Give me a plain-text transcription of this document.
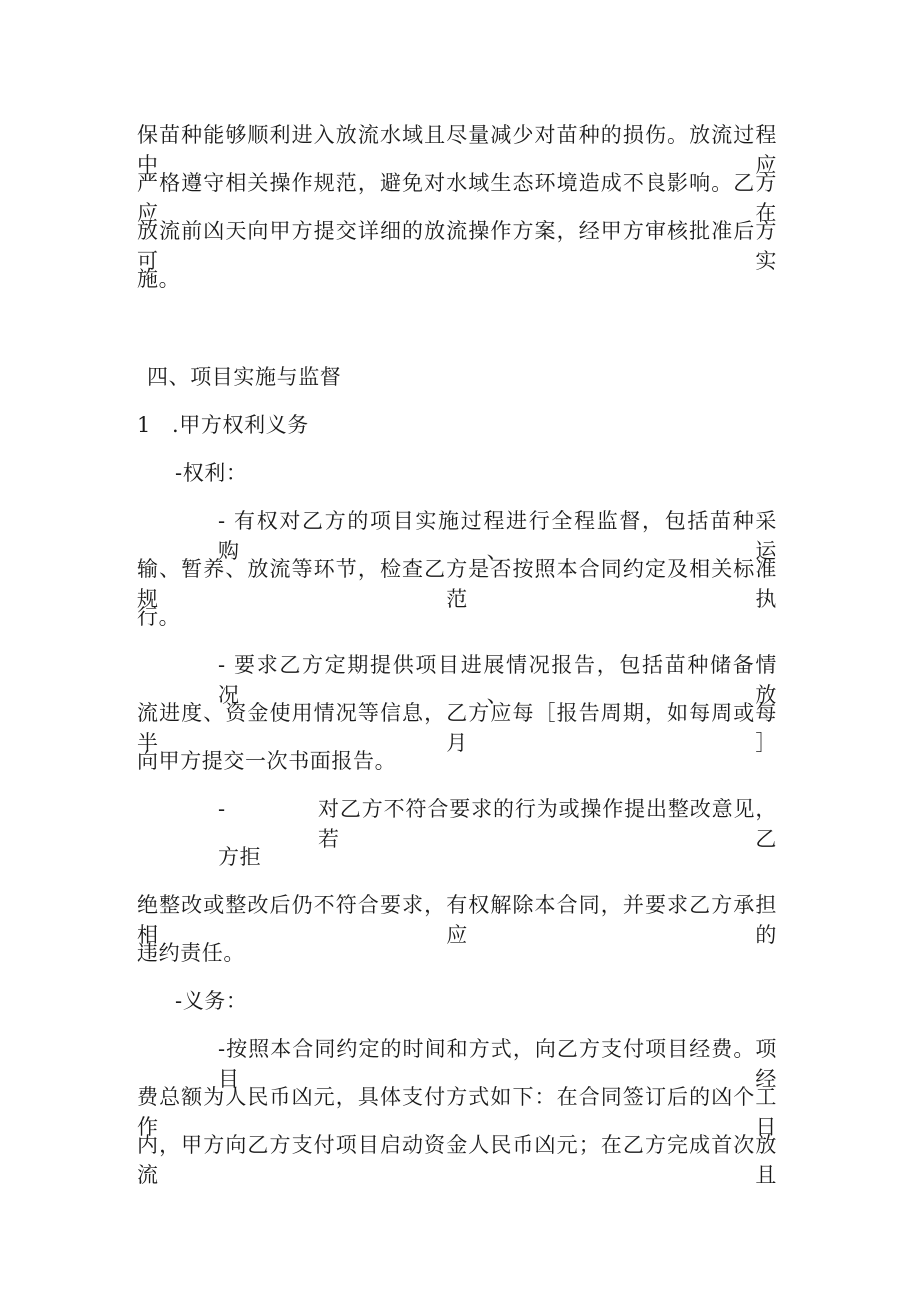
保苗种能够顺利进入放流水域且尽量减少对苗种的损伤。放流过程中应
严格遵守相关操作规范，避免对水域生态环境造成不良影响。乙方应在
放流前凶天向甲方提交详细的放流操作方案，经甲方审核批准后方可实
施。
四、项目实施与监督
1 .甲方权利义务
-权利：
- 有权对乙方的项目实施过程进行全程监督，包括苗种采购、运
输、暂养、放流等环节，检查乙方是否按照本合同约定及相关标准规范执
行。
- 要求乙方定期提供项目进展情况报告，包括苗种储备情况、放
流进度、资金使用情况等信息，乙方应每［报告周期，如每周或每半月］
向甲方提交一次书面报告。
-	对乙方不符合要求的行为或操作提出整改意见，若乙
方拒
绝整改或整改后仍不符合要求，有权解除本合同，并要求乙方承担相应的
违约责任。
-义务：
-按照本合同约定的时间和方式，向乙方支付项目经费。项目经
费总额为人民币凶元，具体支付方式如下：在合同签订后的凶个工作日
内，甲方向乙方支付项目启动资金人民币凶元；在乙方完成首次放流且
